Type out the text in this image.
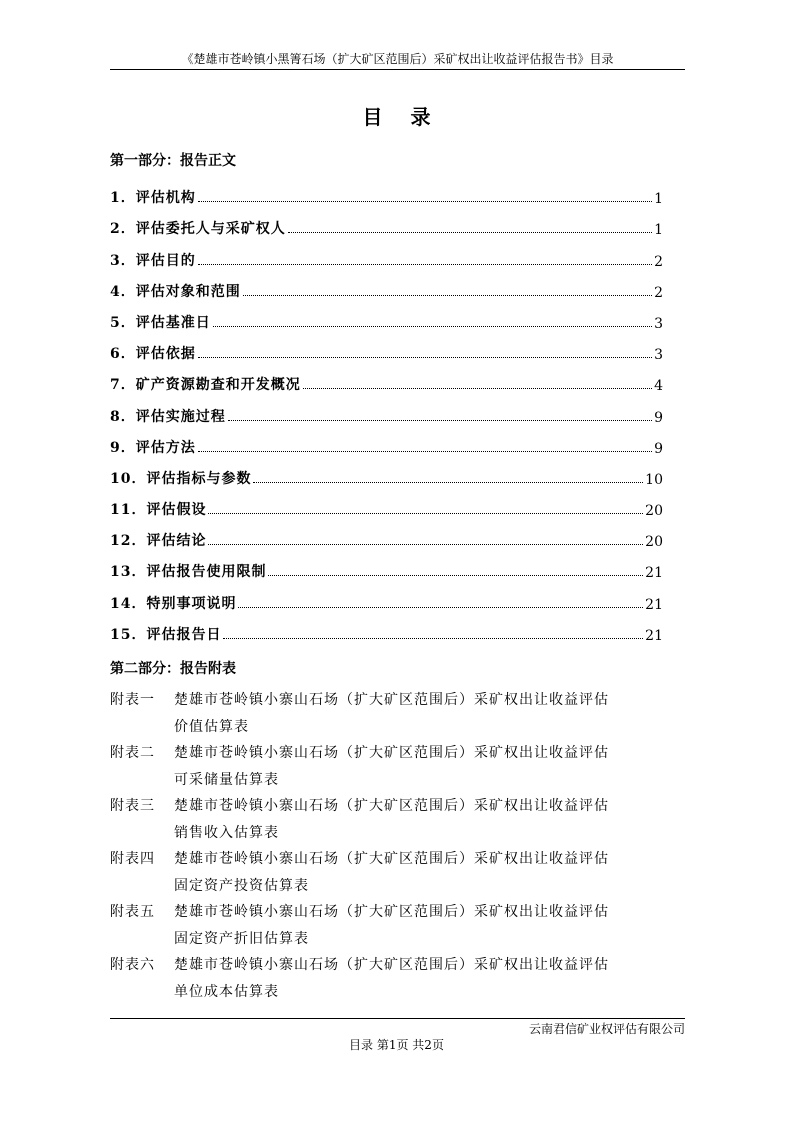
《楚雄市苍岭镇小黑箐石场（扩大矿区范围后）采矿权出让收益评估报告书》目录
目录
第一部分：报告正文
1．评估机构	1
2．评估委托人与采矿权人	1
3．评估目的	2
4．评估对象和范围	2
5．评估基准日	3
6．评估依据	3
7．矿产资源勘查和开发概况	4
8．评估实施过程	9
9．评估方法	9
10．评估指标与参数	10
11．评估假设	20
12．评估结论	20
13．评估报告使用限制	21
14．特别事项说明	21
15．评估报告日	21
第二部分：报告附表
附表一	楚雄市苍岭镇小寨山石场（扩大矿区范围后）采矿权出让收益评估
价值估算表
附表二	楚雄市苍岭镇小寨山石场（扩大矿区范围后）采矿权出让收益评估
可采储量估算表
附表三	楚雄市苍岭镇小寨山石场（扩大矿区范围后）采矿权出让收益评估
销售收入估算表
附表四	楚雄市苍岭镇小寨山石场（扩大矿区范围后）采矿权出让收益评估
固定资产投资估算表
附表五	楚雄市苍岭镇小寨山石场（扩大矿区范围后）采矿权出让收益评估
固定资产折旧估算表
附表六	楚雄市苍岭镇小寨山石场（扩大矿区范围后）采矿权出让收益评估
单位成本估算表
云南君信矿业权评估有限公司
目录 第1页 共2页
